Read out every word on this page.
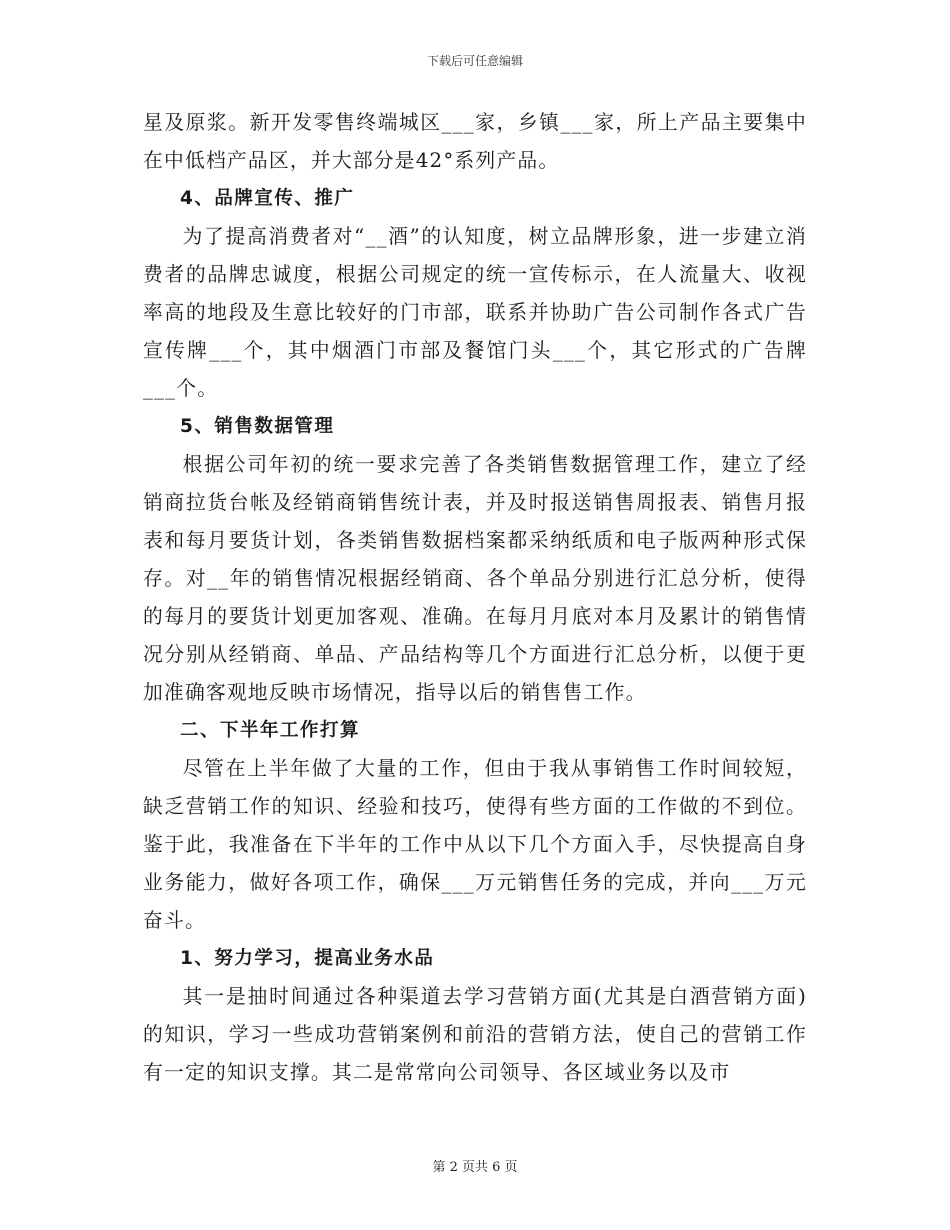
下载后可任意编辑

星及原浆。新开发零售终端城区___家，乡镇___家，所上产品主要集中在中低档产品区，并大部分是42°系列产品。

4、品牌宣传、推广

为了提高消费者对“__酒”的认知度，树立品牌形象，进一步建立消费者的品牌忠诚度，根据公司规定的统一宣传标示，在人流量大、收视率高的地段及生意比较好的门市部，联系并协助广告公司制作各式广告宣传牌___个，其中烟酒门市部及餐馆门头___个，其它形式的广告牌___个。

5、销售数据管理

根据公司年初的统一要求完善了各类销售数据管理工作，建立了经销商拉货台帐及经销商销售统计表，并及时报送销售周报表、销售月报表和每月要货计划，各类销售数据档案都采纳纸质和电子版两种形式保存。对__年的销售情况根据经销商、各个单品分别进行汇总分析，使得的每月的要货计划更加客观、准确。在每月月底对本月及累计的销售情况分别从经销商、单品、产品结构等几个方面进行汇总分析，以便于更加准确客观地反映市场情况，指导以后的销售售工作。

二、下半年工作打算

尽管在上半年做了大量的工作，但由于我从事销售工作时间较短，缺乏营销工作的知识、经验和技巧，使得有些方面的工作做的不到位。鉴于此，我准备在下半年的工作中从以下几个方面入手，尽快提高自身业务能力，做好各项工作，确保___万元销售任务的完成，并向___万元奋斗。

1、努力学习，提高业务水品

其一是抽时间通过各种渠道去学习营销方面(尤其是白酒营销方面)的知识，学习一些成功营销案例和前沿的营销方法，使自己的营销工作有一定的知识支撑。其二是常常向公司领导、各区域业务以及市

第 2 页共 6 页
